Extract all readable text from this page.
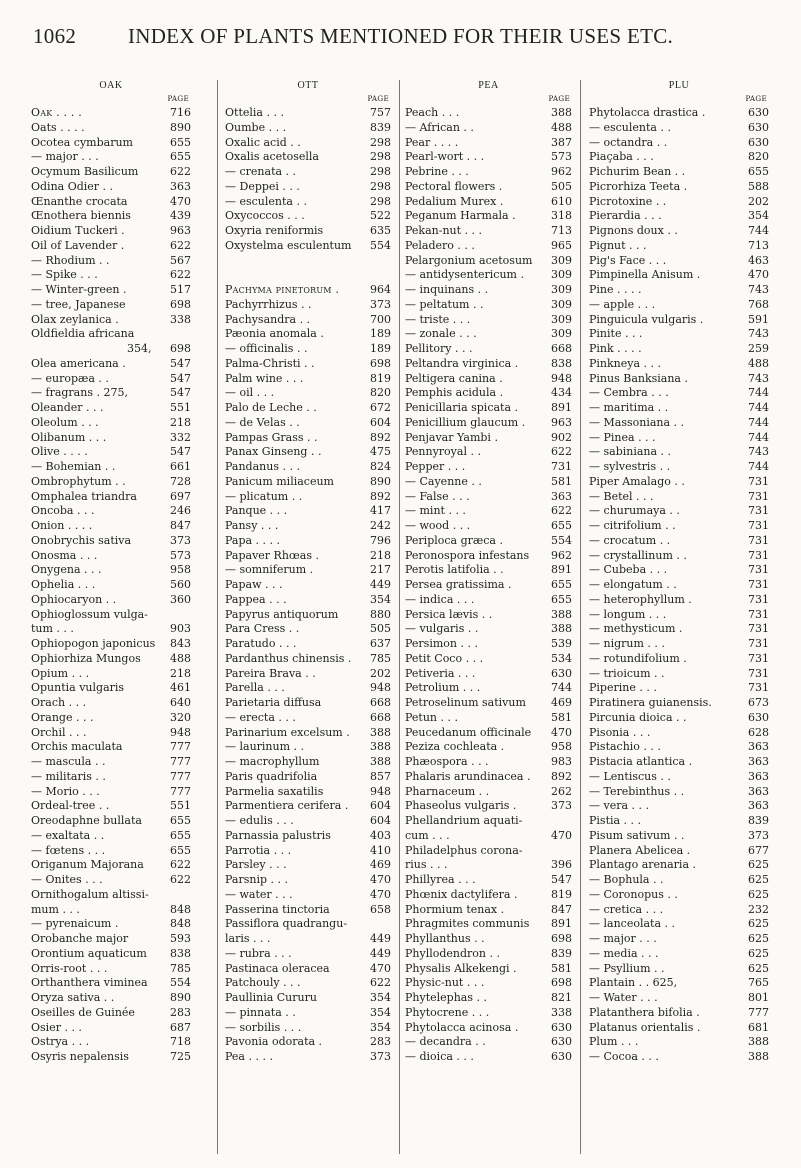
1062 INDEX OF PLANTS MENTIONED FOR THEIR USES ETC.
OAK
PAGE
Oak . . . .	716
Oats . . . .	890
Ocotea cymbarum	655
— major . . .	655
Ocymum Basilicum	622
Odina Odier . .	363
Œnanthe crocata	470
Œnothera biennis	439
Oidium Tuckeri .	963
Oil of Lavender .	622
— Rhodium . .	567
— Spike . . .	622
— Winter-green .	517
— tree, Japanese	698
Olax zeylanica .	338
Oldfieldia africana
354, 698
Olea americana .	547
— europæa . .	547
— fragrans . 275,	547
Oleander . . .	551
Oleolum . . .	218
Olibanum . . .	332
Olive . . . .	547
— Bohemian . .	661
Ombrophytum . .	728
Omphalea triandra	697
Oncoba . . .	246
Onion . . . .	847
Onobrychis sativa	373
Onosma . . .	573
Onygena . . .	958
Ophelia . . .	560
Ophiocaryon . .	360
Ophioglossum vulga-
tum . . .	903
Ophiopogon japonicus 843
Ophiorhiza Mungos	488
Opium . . .	218
Opuntia vulgaris	461
Orach . . .	640
Orange . . .	320
Orchil . . .	948
Orchis maculata	777
— mascula . .	777
— militaris . .	777
— Morio . . .	777
Ordeal-tree . .	551
Oreodaphne bullata	655
— exaltata . .	655
— fœtens . . .	655
Origanum Majorana 622
— Onites . . .	622
Ornithogalum altissi-
mum . . .	848
— pyrenaicum .	848
Orobanche major	593
Orontium aquaticum 838
Orris-root . . .	785
Orthanthera viminea 554
Oryza sativa . .	890
Oseilles de Guinée	283
Osier . . .	687
Ostrya . . .	718
Osyris nepalensis	725
OTT
PAGE
Ottelia . . .	757
Oumbe . . .	839
Oxalic acid . .	298
Oxalis acetosella	298
— crenata . .	298
— Deppei . . .	298
— esculenta . .	298
Oxycoccos . . .	522
Oxyria reniformis	635
Oxystelma esculentum 554
Pachyma pinetorum .	964
Pachyrrhizus . .	373
Pachysandra . .	700
Pæonia anomala .	189
— officinalis . .	189
Palma-Christi . .	698
Palm wine . . .	819
— oil . . .	820
Palo de Leche . .	672
— de Velas . .	604
Pampas Grass . .	892
Panax Ginseng . .	475
Pandanus . . .	824
Panicum miliaceum	890
— plicatum . .	892
Panque . . .	417
Pansy . . .	242
Papa . . . .	796
Papaver Rhœas .	218
— somniferum .	217
Papaw . . .	449
Pappea . . .	354
Papyrus antiquorum	880
Para Cress . .	505
Paratudo . . .	637
Pardanthus chinensis . 785
Pareira Brava . .	202
Parella . . .	948
Parietaria diffusa	668
— erecta . . .	668
Parinarium excelsum . 388
— laurinum . .	388
— macrophyllum	388
Paris quadrifolia	857
Parmelia saxatilis	948
Parmentiera cerifera . 604
— edulis . . .	604
Parnassia palustris	403
Parrotia . . .	410
Parsley . . .	469
Parsnip . . .	470
— water . . .	470
Passerina tinctoria	658
Passiflora quadrangu-
laris . . .	449
— rubra . . .	449
Pastinaca oleracea	470
Patchouly . . .	622
Paullinia Cururu	354
— pinnata . .	354
— sorbilis . . .	354
Pavonia odorata .	283
Pea . . . .	373
PEA
PAGE
Peach . . .	388
— African . .	488
Pear . . . .	387
Pearl-wort . . .	573
Pebrine . . .	962
Pectoral flowers .	505
Pedalium Murex .	610
Peganum Harmala .	318
Pekan-nut . . .	713
Peladero . . .	965
Pelargonium acetosum 309
— antidysentericum . 309
— inquinans . .	309
— peltatum . .	309
— triste . . .	309
— zonale . . .	309
Pellitory . . .	668
Peltandra virginica .	838
Peltigera canina .	948
Pemphis acidula .	434
Penicillaria spicata .	891
Penicillium glaucum . 963
Penjavar Yambi .	902
Pennyroyal . .	622
Pepper . . .	731
— Cayenne . .	581
— False . . .	363
— mint . . .	622
— wood . . .	655
Periploca græca .	554
Peronospora infestans 962
Perotis latifolia . .	891
Persea gratissima .	655
— indica . . .	655
Persica lævis . .	388
— vulgaris . .	388
Persimon . . .	539
Petit Coco . . .	534
Petiveria . . .	630
Petrolium . . .	744
Petroselinum sativum 469
Petun . . .	581
Peucedanum officinale 470
Peziza cochleata .	958
Phæospora . . .	983
Phalaris arundinacea . 892
Pharnaceum . .	262
Phaseolus vulgaris .	373
Phellandrium aquati-
cum . . .	470
Philadelphus corona-
rius . . .	396
Phillyrea . . .	547
Phœnix dactylifera .	819
Phormium tenax .	847
Phragmites communis 891
Phyllanthus . .	698
Phyllodendron . .	839
Physalis Alkekengi .	581
Physic-nut . . .	698
Phytelephas . .	821
Phytocrene . . .	338
Phytolacca acinosa .	630
— decandra . .	630
— dioica . . .	630
PLU
PAGE
Phytolacca drastica .	630
— esculenta . .	630
— octandra . .	630
Piaçaba . . .	820
Pichurim Bean . .	655
Picrorhiza Teeta .	588
Picrotoxine . .	202
Pierardia . . .	354
Pignons doux . .	744
Pignut . . .	713
Pig's Face . . .	463
Pimpinella Anisum .	470
Pine . . . .	743
— apple . . .	768
Pinguicula vulgaris .	591
Pinite . . .	743
Pink . . . .	259
Pinkneya . . .	488
Pinus Banksiana .	743
— Cembra . . .	744
— maritima . .	744
— Massoniana . .	744
— Pinea . . .	744
— sabiniana . .	743
— sylvestris . .	744
Piper Amalago . .	731
— Betel . . .	731
— churumaya . .	731
— citrifolium . .	731
— crocatum . .	731
— crystallinum . .	731
— Cubeba . . .	731
— elongatum . .	731
— heterophyllum .	731
— longum . . .	731
— methysticum .	731
— nigrum . . .	731
— rotundifolium .	731
— trioicum . .	731
Piperine . . .	731
Piratinera guianensis.	673
Pircunia dioica . .	630
Pisonia . . .	628
Pistachio . . .	363
Pistacia atlantica .	363
— Lentiscus . .	363
— Terebinthus . .	363
— vera . . .	363
Pistia . . .	839
Pisum sativum . .	373
Planera Abelicea .	677
Plantago arenaria .	625
— Bophula . .	625
— Coronopus . .	625
— cretica . . .	232
— lanceolata . .	625
— major . . .	625
— media . . .	625
— Psyllium . .	625
Plantain . . 625,	765
— Water . . .	801
Platanthera bifolia .	777
Platanus orientalis .	681
Plum . . .	388
— Cocoa . . .	388
